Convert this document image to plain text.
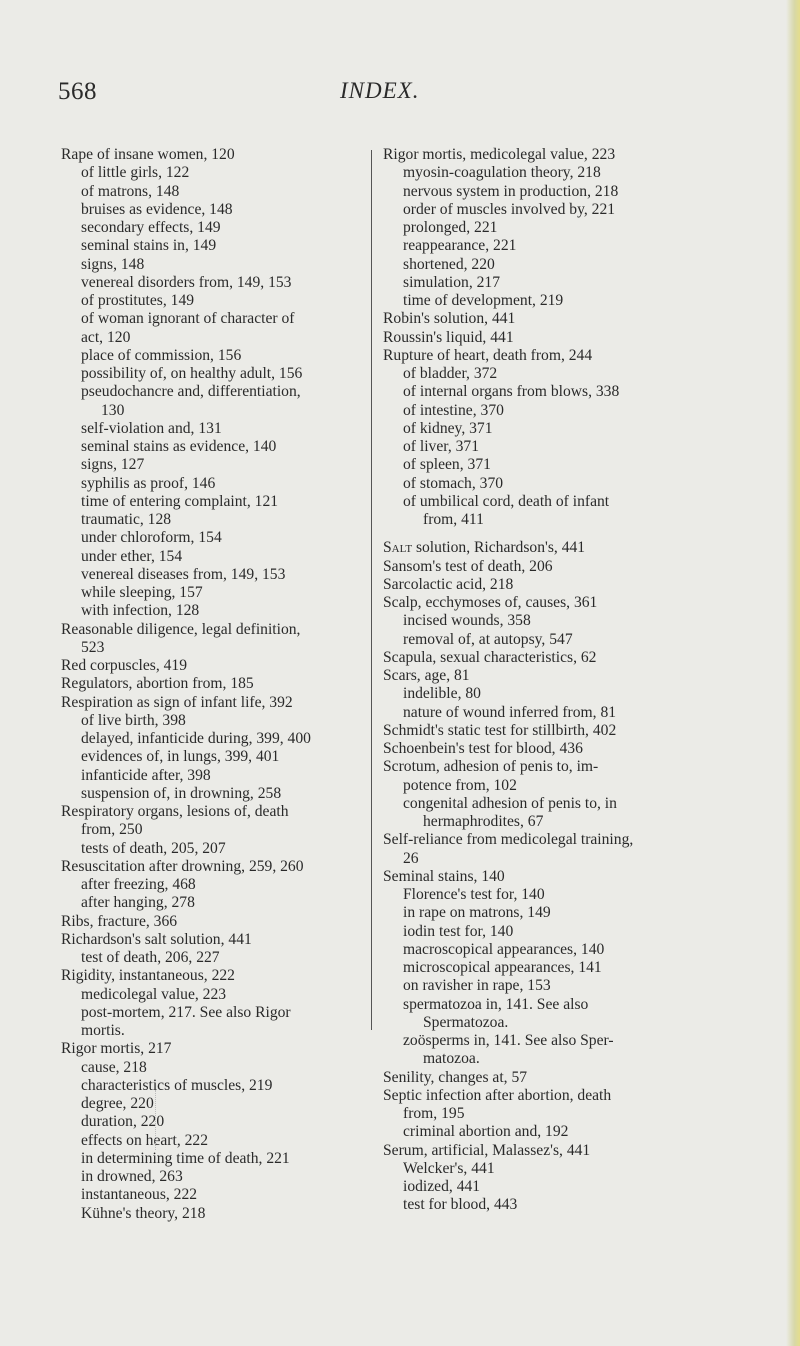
568	INDEX.
Rape of insane women, 120
of little girls, 122
of matrons, 148
bruises as evidence, 148
secondary effects, 149
seminal stains in, 149
signs, 148
venereal disorders from, 149, 153
of prostitutes, 149
of woman ignorant of character of
act, 120
place of commission, 156
possibility of, on healthy adult, 156
pseudochancre and, differentiation,
130
self-violation and, 131
seminal stains as evidence, 140
signs, 127
syphilis as proof, 146
time of entering complaint, 121
traumatic, 128
under chloroform, 154
under ether, 154
venereal diseases from, 149, 153
while sleeping, 157
with infection, 128
Reasonable diligence, legal definition,
523
Red corpuscles, 419
Regulators, abortion from, 185
Respiration as sign of infant life, 392
of live birth, 398
delayed, infanticide during, 399, 400
evidences of, in lungs, 399, 401
infanticide after, 398
suspension of, in drowning, 258
Respiratory organs, lesions of, death
from, 250
tests of death, 205, 207
Resuscitation after drowning, 259, 260
after freezing, 468
after hanging, 278
Ribs, fracture, 366
Richardson's salt solution, 441
test of death, 206, 227
Rigidity, instantaneous, 222
medicolegal value, 223
post-mortem, 217. See also Rigor
mortis.
Rigor mortis, 217
cause, 218
characteristics of muscles, 219
degree, 220
duration, 220
effects on heart, 222
in determining time of death, 221
in drowned, 263
instantaneous, 222
Kühne's theory, 218
Rigor mortis, medicolegal value, 223
myosin-coagulation theory, 218
nervous system in production, 218
order of muscles involved by, 221
prolonged, 221
reappearance, 221
shortened, 220
simulation, 217
time of development, 219
Robin's solution, 441
Roussin's liquid, 441
Rupture of heart, death from, 244
of bladder, 372
of internal organs from blows, 338
of intestine, 370
of kidney, 371
of liver, 371
of spleen, 371
of stomach, 370
of umbilical cord, death of infant
from, 411
Salt solution, Richardson's, 441
Sansom's test of death, 206
Sarcolactic acid, 218
Scalp, ecchymoses of, causes, 361
incised wounds, 358
removal of, at autopsy, 547
Scapula, sexual characteristics, 62
Scars, age, 81
indelible, 80
nature of wound inferred from, 81
Schmidt's static test for stillbirth, 402
Schoenbein's test for blood, 436
Scrotum, adhesion of penis to, im-
potence from, 102
congenital adhesion of penis to, in
hermaphrodites, 67
Self-reliance from medicolegal training,
26
Seminal stains, 140
Florence's test for, 140
in rape on matrons, 149
iodin test for, 140
macroscopical appearances, 140
microscopical appearances, 141
on ravisher in rape, 153
spermatozoa in, 141. See also
Spermatozoa.
zoösperms in, 141. See also Sper-
matozoa.
Senility, changes at, 57
Septic infection after abortion, death
from, 195
criminal abortion and, 192
Serum, artificial, Malassez's, 441
Welcker's, 441
iodized, 441
test for blood, 443
